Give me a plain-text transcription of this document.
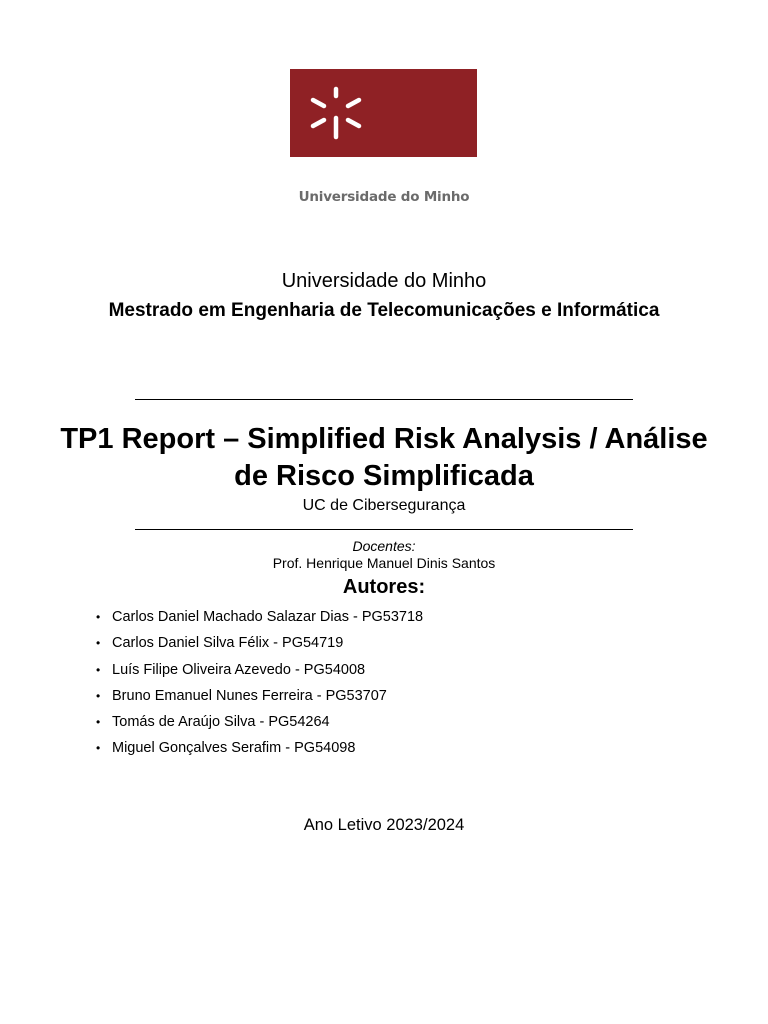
Universidade do Minho
Universidade do Minho
Mestrado em Engenharia de Telecomunicações e Informática
TP1 Report – Simplified Risk Analysis / Análise de Risco Simplificada
UC de Cibersegurança
Docentes:
Prof. Henrique Manuel Dinis Santos
Autores:
• Carlos Daniel Machado Salazar Dias - PG53718
• Carlos Daniel Silva Félix - PG54719
• Luís Filipe Oliveira Azevedo - PG54008
• Bruno Emanuel Nunes Ferreira - PG53707
• Tomás de Araújo Silva - PG54264
• Miguel Gonçalves Serafim - PG54098
Ano Letivo 2023/2024
